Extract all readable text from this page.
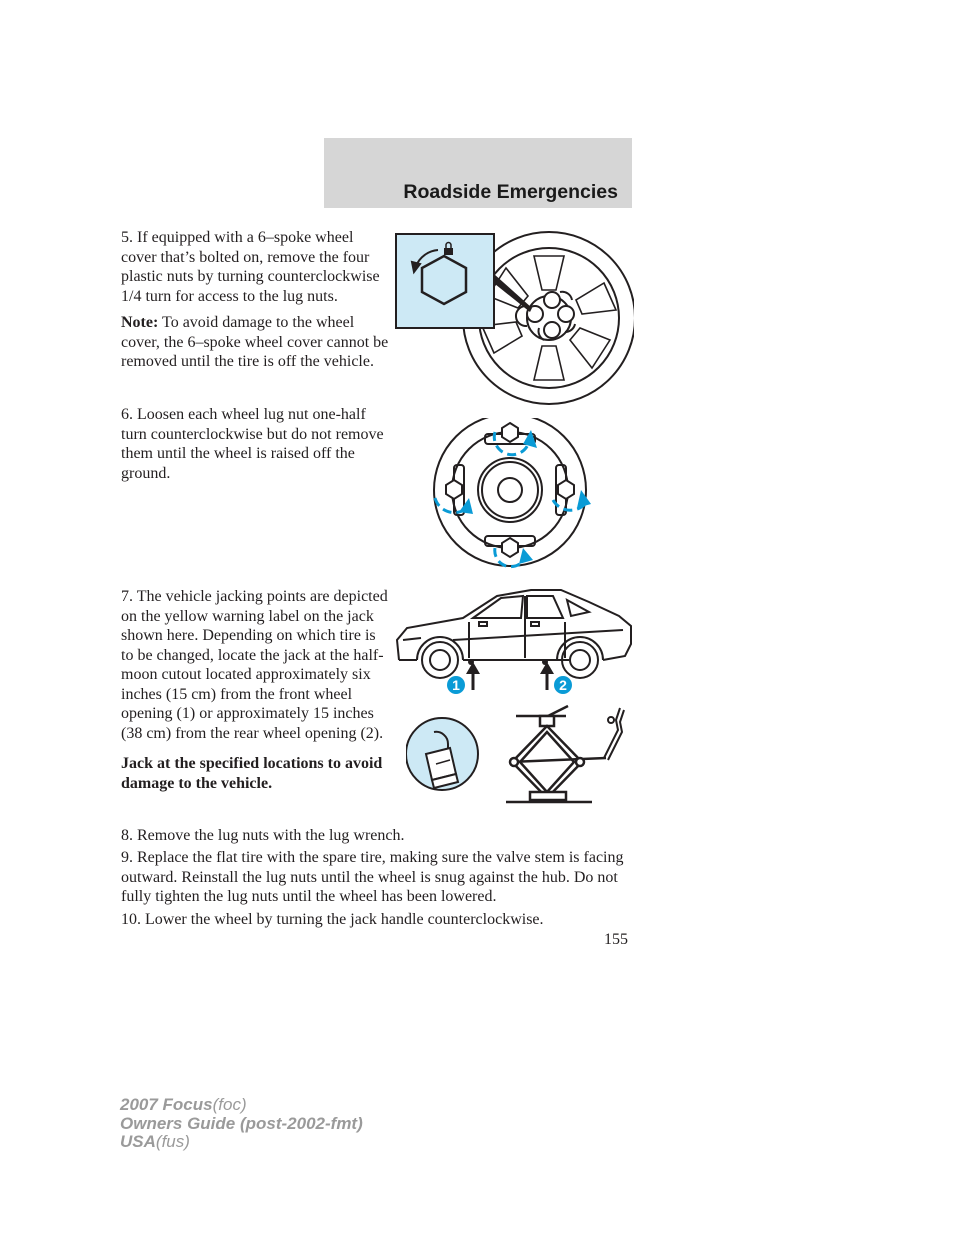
Roadside Emergencies

5. If equipped with a 6–spoke wheel cover that’s bolted on, remove the four plastic nuts by turning counterclockwise 1/4 turn for access to the lug nuts.

Note: To avoid damage to the wheel cover, the 6–spoke wheel cover cannot be removed until the tire is off the vehicle.

6. Loosen each wheel lug nut one-half turn counterclockwise but do not remove them until the wheel is raised off the ground.

7. The vehicle jacking points are depicted on the yellow warning label on the jack shown here. Depending on which tire is to be changed, locate the jack at the half-moon cutout located approximately six inches (15 cm) from the front wheel opening (1) or approximately 15 inches (38 cm) from the rear wheel opening (2).

Jack at the specified locations to avoid damage to the vehicle.

8. Remove the lug nuts with the lug wrench.

9. Replace the flat tire with the spare tire, making sure the valve stem is facing outward. Reinstall the lug nuts until the wheel is snug against the hub. Do not fully tighten the lug nuts until the wheel has been lowered.

10. Lower the wheel by turning the jack handle counterclockwise.

155
1	2
2007 Focus(foc)
Owners Guide (post-2002-fmt)
USA(fus)
